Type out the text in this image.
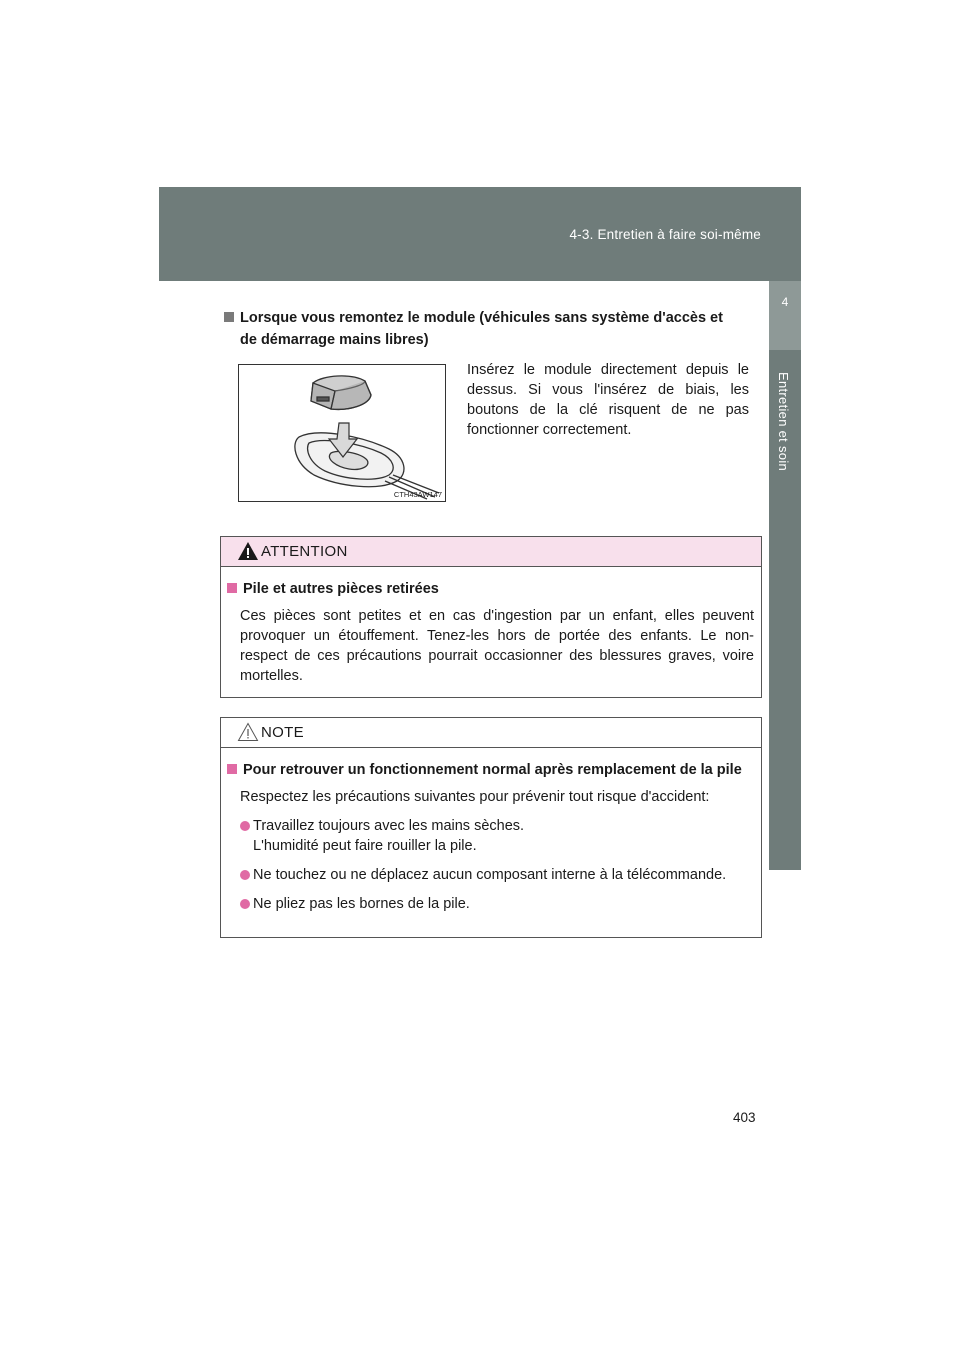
4-3. Entretien à faire soi-même
4
Entretien et soin
Lorsque vous remontez le module (véhicules sans système d'accès et
de démarrage mains libres)
CTH43AW147
Insérez le module directement depuis le dessus. Si vous l'insérez de biais, les boutons de la clé risquent de ne pas fonctionner correctement.
ATTENTION
Pile et autres pièces retirées
Ces pièces sont petites et en cas d'ingestion par un enfant, elles peuvent provoquer un étouffement. Tenez-les hors de portée des enfants. Le non-respect de ces précautions pourrait occasionner des blessures graves, voire mortelles.
NOTE
Pour retrouver un fonctionnement normal après remplacement de la pile
Respectez les précautions suivantes pour prévenir tout risque d'accident:
Travaillez toujours avec les mains sèches.
L'humidité peut faire rouiller la pile.
Ne touchez ou ne déplacez aucun composant interne à la télécommande.
Ne pliez pas les bornes de la pile.
403
